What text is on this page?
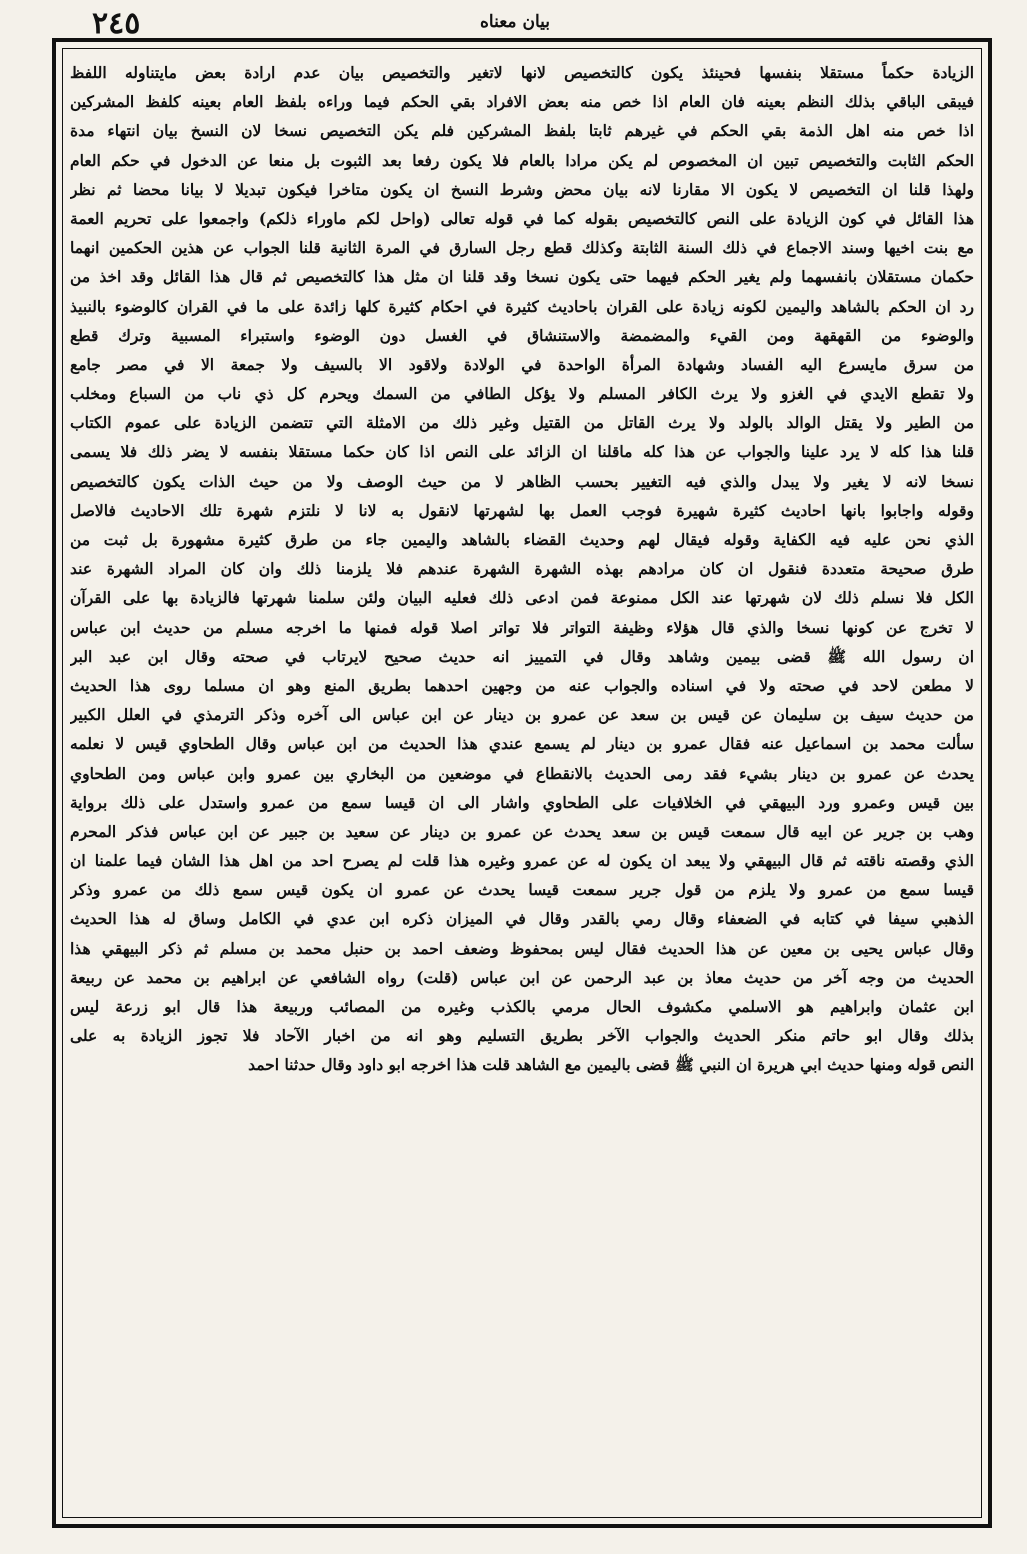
٢٤٥	بيان معناه
الزيادة حكماً مستقلا بنفسها فحينئذ يكون كالتخصيص لانها لاتغير والتخصيص بيان عدم ارادة بعض مايتناوله اللفظ
فيبقى الباقي بذلك النظم بعينه فان العام اذا خص منه بعض الافراد بقي الحكم فيما وراءه بلفظ العام بعينه كلفظ المشركين
اذا خص منه اهل الذمة بقي الحكم في غيرهم ثابتا بلفظ المشركين فلم يكن التخصيص نسخا لان النسخ بيان انتهاء مدة
الحكم الثابت والتخصيص تبين ان المخصوص لم يكن مرادا بالعام فلا يكون رفعا بعد الثبوت بل منعا عن الدخول في حكم العام
ولهذا قلنا ان التخصيص لا يكون الا مقارنا لانه بيان محض وشرط النسخ ان يكون متاخرا فيكون تبديلا لا بيانا محضا ثم نظر
هذا القائل في كون الزيادة على النص كالتخصيص بقوله كما في قوله تعالى (واحل لكم ماوراء ذلكم) واجمعوا على تحريم العمة
مع بنت اخيها وسند الاجماع في ذلك السنة الثابتة وكذلك قطع رجل السارق في المرة الثانية قلنا الجواب عن هذين الحكمين انهما
حكمان مستقلان بانفسهما ولم يغير الحكم فيهما حتى يكون نسخا وقد قلنا ان مثل هذا كالتخصيص ثم قال هذا القائل وقد اخذ من
رد ان الحكم بالشاهد واليمين لكونه زيادة على القران باحاديث كثيرة في احكام كثيرة كلها زائدة على ما في القران كالوضوء بالنبيذ
والوضوء من القهقهة ومن القيء والمضمضة والاستنشاق في الغسل دون الوضوء واستبراء المسبية وترك قطع
من سرق مايسرع اليه الفساد وشهادة المرأة الواحدة في الولادة ولاقود الا بالسيف ولا جمعة الا في مصر جامع
ولا تقطع الايدي في الغزو ولا يرث الكافر المسلم ولا يؤكل الطافي من السمك ويحرم كل ذي ناب من السباع ومخلب
من الطير ولا يقتل الوالد بالولد ولا يرث القاتل من القتيل وغير ذلك من الامثلة التي تتضمن الزيادة على عموم الكتاب
قلنا هذا كله لا يرد علينا والجواب عن هذا كله ماقلنا ان الزائد على النص اذا كان حكما مستقلا بنفسه لا يضر ذلك فلا يسمى
نسخا لانه لا يغير ولا يبدل والذي فيه التغيير بحسب الظاهر لا من حيث الوصف ولا من حيث الذات يكون كالتخصيص
وقوله واجابوا بانها احاديث كثيرة شهيرة فوجب العمل بها لشهرتها لانقول به لانا لا نلتزم شهرة تلك الاحاديث فالاصل
الذي نحن عليه فيه الكفاية وقوله فيقال لهم وحديث القضاء بالشاهد واليمين جاء من طرق كثيرة مشهورة بل ثبت من
طرق صحيحة متعددة فنقول ان كان مرادهم بهذه الشهرة الشهرة عندهم فلا يلزمنا ذلك وان كان المراد الشهرة عند
الكل فلا نسلم ذلك لان شهرتها عند الكل ممنوعة فمن ادعى ذلك فعليه البيان ولئن سلمنا شهرتها فالزيادة بها على القرآن
لا تخرج عن كونها نسخا والذي قال هؤلاء وظيفة التواتر فلا تواتر اصلا قوله فمنها ما اخرجه مسلم من حديث ابن عباس
ان رسول الله ﷺ قضى بيمين وشاهد وقال في التمييز انه حديث صحيح لايرتاب في صحته وقال ابن عبد البر
لا مطعن لاحد في صحته ولا في اسناده والجواب عنه من وجهين احدهما بطريق المنع وهو ان مسلما روى هذا الحديث
من حديث سيف بن سليمان عن قيس بن سعد عن عمرو بن دينار عن ابن عباس الى آخره وذكر الترمذي في العلل الكبير
سألت محمد بن اسماعيل عنه فقال عمرو بن دينار لم يسمع عندي هذا الحديث من ابن عباس وقال الطحاوي قيس لا نعلمه
يحدث عن عمرو بن دينار بشيء فقد رمى الحديث بالانقطاع في موضعين من البخاري بين عمرو وابن عباس ومن الطحاوي
بين قيس وعمرو ورد البيهقي في الخلافيات على الطحاوي واشار الى ان قيسا سمع من عمرو واستدل على ذلك برواية
وهب بن جرير عن ابيه قال سمعت قيس بن سعد يحدث عن عمرو بن دينار عن سعيد بن جبير عن ابن عباس فذكر المحرم
الذي وقصته ناقته ثم قال البيهقي ولا يبعد ان يكون له عن عمرو وغيره هذا قلت لم يصرح احد من اهل هذا الشان فيما علمنا ان
قيسا سمع من عمرو ولا يلزم من قول جرير سمعت قيسا يحدث عن عمرو ان يكون قيس سمع ذلك من عمرو وذكر
الذهبي سيفا في كتابه في الضعفاء وقال رمي بالقدر وقال في الميزان ذكره ابن عدي في الكامل وساق له هذا الحديث
وقال عباس يحيى بن معين عن هذا الحديث فقال ليس بمحفوظ وضعف احمد بن حنبل محمد بن مسلم ثم ذكر البيهقي هذا
الحديث من وجه آخر من حديث معاذ بن عبد الرحمن عن ابن عباس (قلت) رواه الشافعي عن ابراهيم بن محمد عن ربيعة
ابن عثمان وابراهيم هو الاسلمي مكشوف الحال مرمي بالكذب وغيره من المصائب وربيعة هذا قال ابو زرعة ليس
بذلك وقال ابو حاتم منكر الحديث والجواب الآخر بطريق التسليم وهو انه من اخبار الآحاد فلا تجوز الزيادة به على
النص قوله ومنها حديث ابي هريرة ان النبي ﷺ قضى باليمين مع الشاهد قلت هذا اخرجه ابو داود وقال حدثنا احمد
